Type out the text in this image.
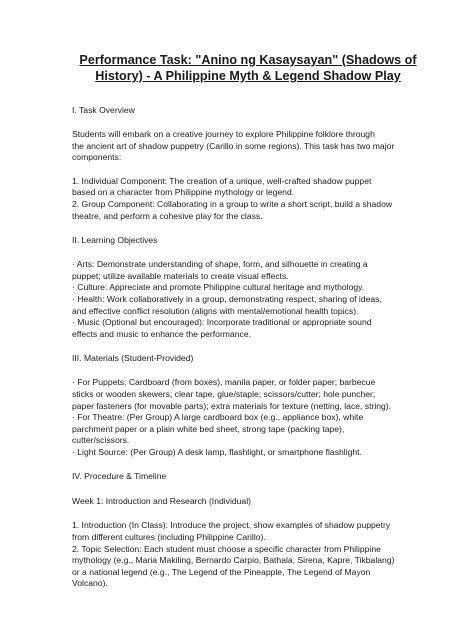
Performance Task: "Anino ng Kasaysayan" (Shadows of
History) - A Philippine Myth & Legend Shadow Play
I. Task Overview
Students will embark on a creative journey to explore Philippine folklore through
the ancient art of shadow puppetry (Carillo in some regions). This task has two major
components:
1. Individual Component: The creation of a unique, well-crafted shadow puppet
based on a character from Philippine mythology or legend.
2. Group Component: Collaborating in a group to write a short script, build a shadow
theatre, and perform a cohesive play for the class.
II. Learning Objectives
· Arts: Demonstrate understanding of shape, form, and silhouette in creating a
puppet; utilize available materials to create visual effects.
· Culture: Appreciate and promote Philippine cultural heritage and mythology.
· Health: Work collaboratively in a group, demonstrating respect, sharing of ideas,
and effective conflict resolution (aligns with mental/emotional health topics).
· Music (Optional but encouraged): Incorporate traditional or appropriate sound
effects and music to enhance the performance.
III. Materials (Student-Provided)
· For Puppets: Cardboard (from boxes), manila paper, or folder paper; barbecue
sticks or wooden skewers; clear tape, glue/staple; scissors/cutter; hole puncher;
paper fasteners (for movable parts); extra materials for texture (netting, lace, string).
· For Theatre: (Per Group) A large cardboard box (e.g., appliance box), white
parchment paper or a plain white bed sheet, strong tape (packing tape),
cutter/scissors.
· Light Source: (Per Group) A desk lamp, flashlight, or smartphone flashlight.
IV. Procedure & Timeline
Week 1: Introduction and Research (Individual)
1. Introduction (In Class): Introduce the project, show examples of shadow puppetry
from different cultures (including Philippine Carillo).
2. Topic Selection: Each student must choose a specific character from Philippine
mythology (e.g., Maria Makiling, Bernardo Carpio, Bathala, Sirena, Kapre, Tikbalang)
or a national legend (e.g., The Legend of the Pineapple, The Legend of Mayon
Volcano).
